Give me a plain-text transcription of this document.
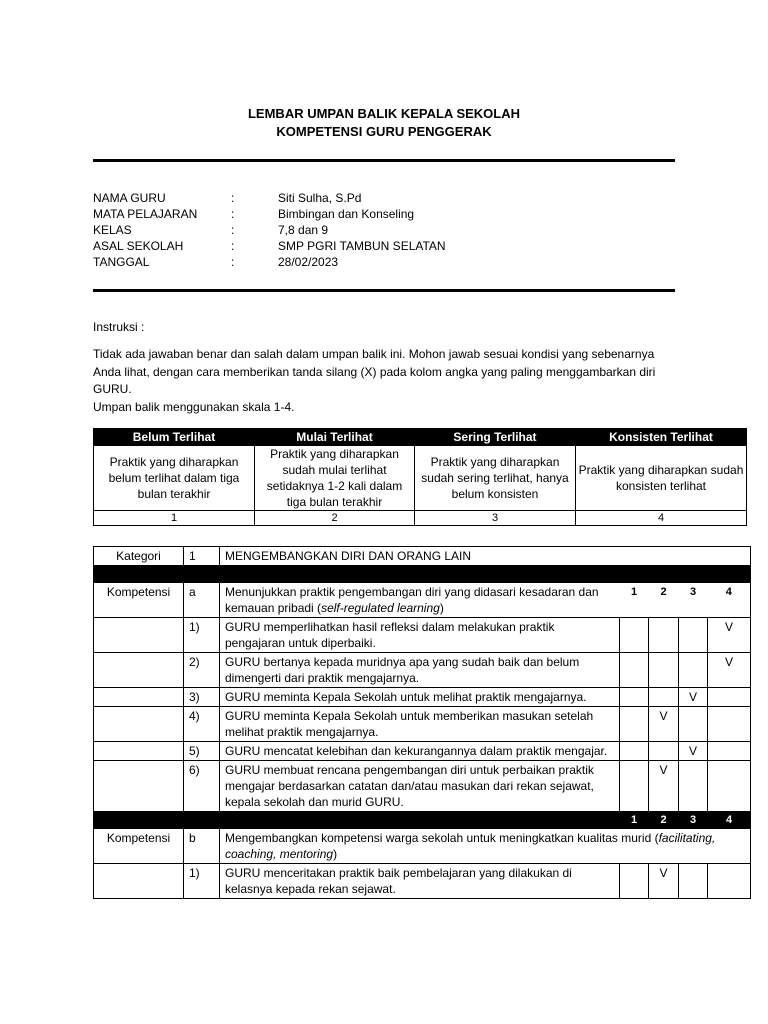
LEMBAR UMPAN BALIK KEPALA SEKOLAH
KOMPETENSI GURU PENGGERAK
NAMA GURU	:	Siti Sulha, S.Pd
MATA PELAJARAN	:	Bimbingan dan Konseling
KELAS	:	7,8 dan 9
ASAL SEKOLAH	:	SMP PGRI TAMBUN SELATAN
TANGGAL	:	28/02/2023
Instruksi :
Tidak ada jawaban benar dan salah dalam umpan balik ini. Mohon jawab sesuai kondisi yang sebenarnya Anda lihat, dengan cara memberikan tanda silang (X) pada kolom angka yang paling menggambarkan diri GURU.
Umpan balik menggunakan skala 1-4.
Belum Terlihat	Mulai Terlihat	Sering Terlihat	Konsisten Terlihat
Praktik yang diharapkan belum terlihat dalam tiga bulan terakhir	Praktik yang diharapkan sudah mulai terlihat setidaknya 1-2 kali dalam tiga bulan terakhir	Praktik yang diharapkan sudah sering terlihat, hanya belum konsisten	Praktik yang diharapkan sudah konsisten terlihat
1	2	3	4
Kategori	1	MENGEMBANGKAN DIRI DAN ORANG LAIN				

Kompetensi	a	Menunjukkan praktik pengembangan diri yang didasari kesadaran dan kemauan pribadi (self-regulated learning)	1	2	3	4
	1)	GURU memperlihatkan hasil refleksi dalam melakukan praktik pengajaran untuk diperbaiki.				V
	2)	GURU bertanya kepada muridnya apa yang sudah baik dan belum dimengerti dari praktik mengajarnya.				V
	3)	GURU meminta Kepala Sekolah untuk melihat praktik mengajarnya.			V	
	4)	GURU meminta Kepala Sekolah untuk memberikan masukan setelah melihat praktik mengajarnya.		V		
	5)	GURU mencatat kelebihan dan kekurangannya dalam praktik mengajar.			V	
	6)	GURU membuat rencana pengembangan diri untuk perbaikan praktik mengajar berdasarkan catatan dan/atau masukan dari rekan sejawat, kepala sekolah dan murid GURU.		V		
			1	2	3	4
Kompetensi	b	Mengembangkan kompetensi warga sekolah untuk meningkatkan kualitas murid (facilitating, coaching, mentoring)				
	1)	GURU menceritakan praktik baik pembelajaran yang dilakukan di kelasnya kepada rekan sejawat.		V		
